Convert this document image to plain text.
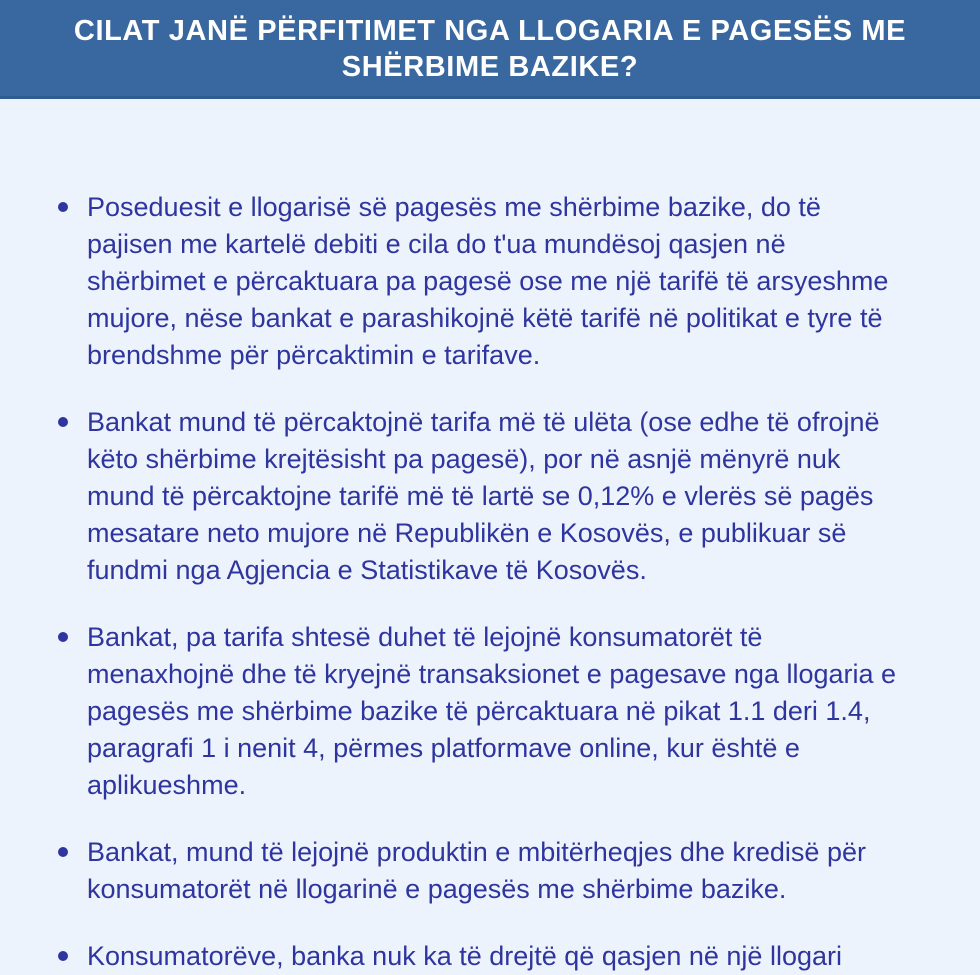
CILAT JANË PËRFITIMET NGA LLOGARIA E PAGESËS ME
SHËRBIME BAZIKE?
Poseduesit e llogarisë së pagesës me shërbime bazike, do të pajisen me kartelë debiti e cila do t'ua mundësoj qasjen në shërbimet e përcaktuara pa pagesë ose me një tarifë të arsyeshme mujore, nëse bankat e parashikojnë këtë tarifë në politikat e tyre të brendshme për përcaktimin e tarifave.
Bankat mund të përcaktojnë tarifa më të ulëta (ose edhe të ofrojnë këto shërbime krejtësisht pa pagesë), por në asnjë mënyrë nuk mund të përcaktojne tarifë më të lartë se 0,12% e vlerës së pagës mesatare neto mujore në Republikën e Kosovës, e publikuar së fundmi nga Agjencia e Statistikave të Kosovës.
Bankat, pa tarifa shtesë duhet të lejojnë konsumatorët të menaxhojnë dhe të kryejnë transaksionet e pagesave nga llogaria e pagesës me shërbime bazike të përcaktuara në pikat 1.1 deri 1.4, paragrafi 1 i nenit 4, përmes platformave online, kur është e aplikueshme.
Bankat, mund të lejojnë produktin e mbitërheqjes dhe kredisë për konsumatorët në llogarinë e pagesës me shërbime bazike.
Konsumatorëve, banka nuk ka të drejtë që qasjen në një llogari
